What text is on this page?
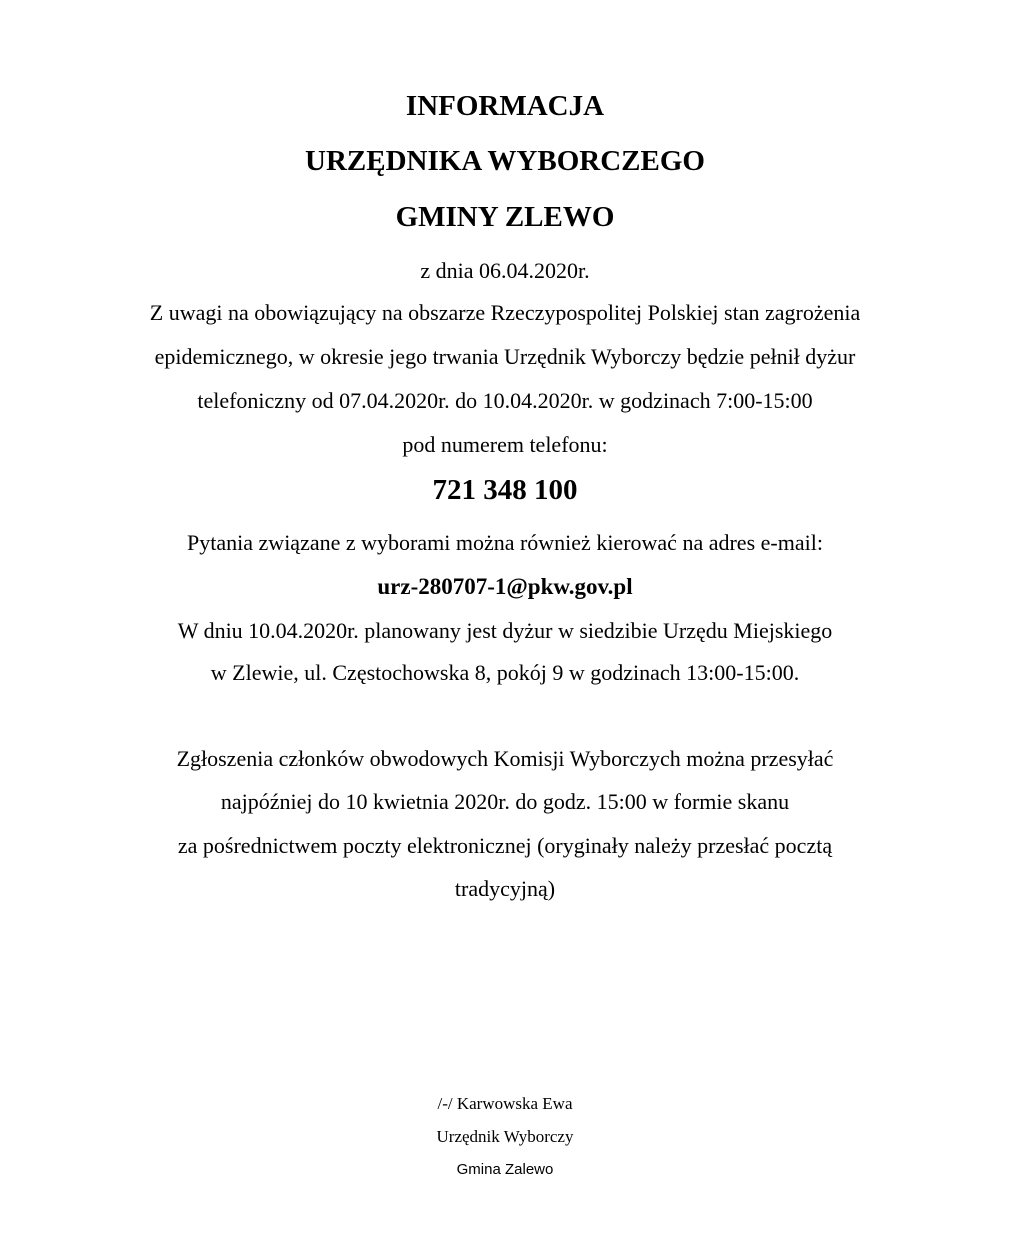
INFORMACJA
URZĘDNIKA WYBORCZEGO
GMINY ZLEWO
z dnia 06.04.2020r.
Z uwagi na obowiązujący na obszarze Rzeczypospolitej Polskiej stan zagrożenia
epidemicznego, w okresie jego trwania Urzędnik Wyborczy będzie pełnił dyżur
telefoniczny od 07.04.2020r. do 10.04.2020r. w godzinach 7:00-15:00
pod numerem telefonu:
721 348 100
Pytania związane z wyborami można również kierować na adres e-mail:
urz-280707-1@pkw.gov.pl
W dniu 10.04.2020r. planowany jest dyżur w siedzibie Urzędu Miejskiego
w Zlewie, ul. Częstochowska 8, pokój 9 w godzinach 13:00-15:00.
Zgłoszenia członków obwodowych Komisji Wyborczych można przesyłać
najpóźniej do 10 kwietnia 2020r. do godz. 15:00 w formie skanu
za pośrednictwem poczty elektronicznej (oryginały należy przesłać pocztą
tradycyjną)
/-/ Karwowska Ewa
Urzędnik Wyborczy
Gmina Zalewo
